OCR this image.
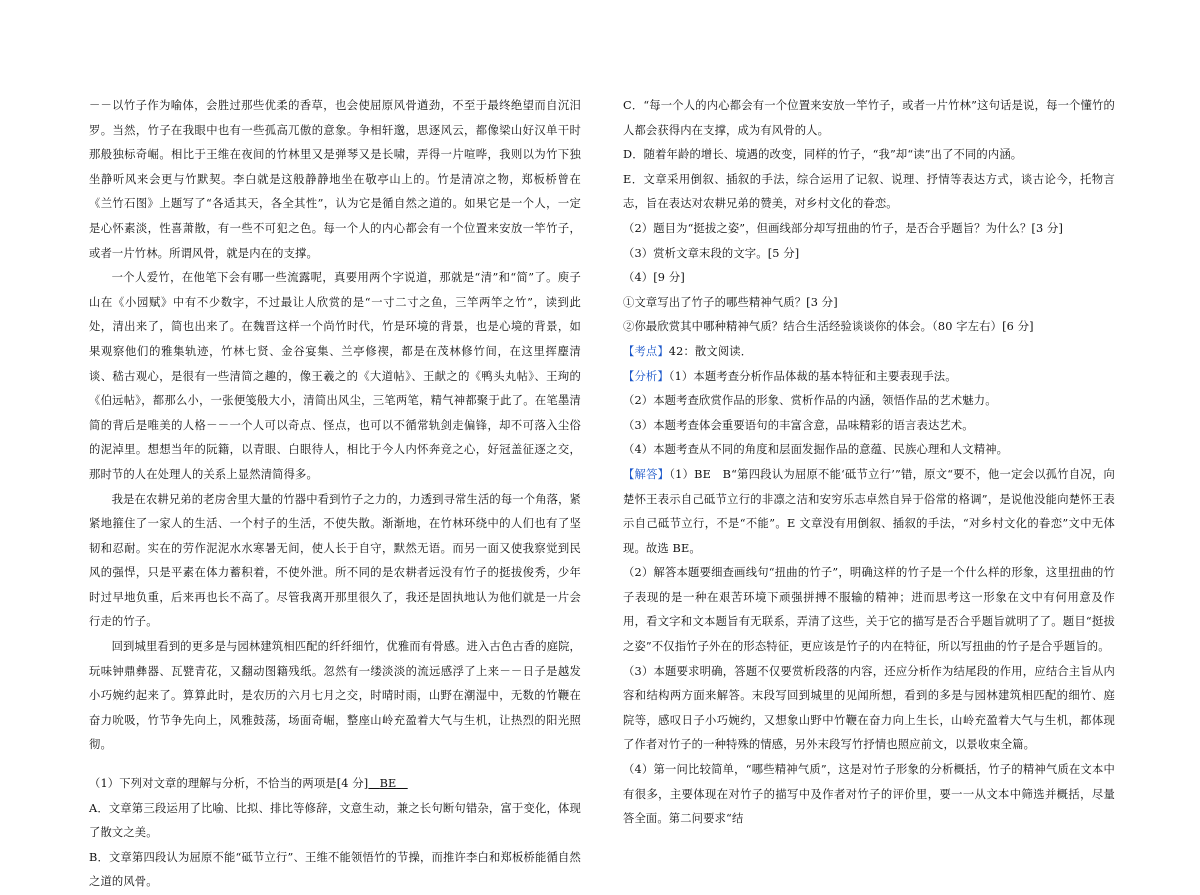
－－以竹子作为喻体，会胜过那些优柔的香草，也会使屈原风骨遒劲，不至于最终绝望而自沉汨罗。当然，竹子在我眼中也有一些孤高兀傲的意象。争相轩邈，思逐风云，都像梁山好汉单干时那般独标奇崛。相比于王维在夜间的竹林里又是弹琴又是长啸，弄得一片喧哗，我则以为竹下独坐静听风来会更与竹默契。李白就是这般静静地坐在敬亭山上的。竹是清凉之物，郑板桥曾在《兰竹石图》上题写了“各适其天，各全其性”，认为它是循自然之道的。如果它是一个人，一定是心怀素淡，性喜萧散，有一些不可犯之色。每一个人的内心都会有一个位置来安放一竿竹子，或者一片竹林。所谓风骨，就是内在的支撑。

一个人爱竹，在他笔下会有哪一些流露呢，真要用两个字说道，那就是“清”和“简”了。庾子山在《小园赋》中有不少数字，不过最让人欣赏的是“一寸二寸之鱼，三竿两竿之竹”，读到此处，清出来了，简也出来了。在魏晋这样一个尚竹时代，竹是环境的背景，也是心境的背景，如果观察他们的雅集轨迹，竹林七贤、金谷宴集、兰亭修禊，都是在茂林修竹间，在这里挥麈清谈、嵇古观心，是很有一些清简之趣的，像王羲之的《大道帖》、王献之的《鸭头丸帖》、王珣的《伯远帖》，都那么小，一张便笺般大小，清简出风尘，三笔两笔，精气神都聚于此了。在笔墨清简的背后是唯美的人格－－一个人可以奇点、怪点，也可以不循常轨剑走偏锋，却不可落入尘俗的泥淖里。想想当年的阮籍，以青眼、白眼待人，相比于今人内怀奔竞之心，好冠盖征逐之交，那时节的人在处理人的关系上显然清简得多。

我是在农耕兄弟的老房舍里大量的竹器中看到竹子之力的，力透到寻常生活的每一个角落，紧紧地箍住了一家人的生活、一个村子的生活，不使失散。渐渐地，在竹林环绕中的人们也有了坚韧和忍耐。实在的劳作泥泥水水寒暑无间，使人长于自守，默然无语。而另一面又使我察觉到民风的强悍，只是平素在体力蓄积着，不使外泄。所不同的是农耕者远没有竹子的挺拔俊秀，少年时过早地负重，后来再也长不高了。尽管我离开那里很久了，我还是固执地认为他们就是一片会行走的竹子。

回到城里看到的更多是与园林建筑相匹配的纤纤细竹，优雅而有骨感。进入古色古香的庭院，玩味钟鼎彝器、瓦甓青花，又翻动图籍残纸。忽然有一缕淡淡的流远感浮了上来－－日子是越发小巧婉约起来了。算算此时，是农历的六月七月之交，时晴时雨，山野在潮湿中，无数的竹鞭在奋力吮吸，竹节争先向上，风雅鼓荡，场面奇崛，整座山岭充盈着大气与生机，让热烈的阳光照彻。

（1）下列对文章的理解与分析，不恰当的两项是[4 分] BE

A．文章第三段运用了比喻、比拟、排比等修辞，文意生动，兼之长句断句错杂，富于变化，体现了散文之美。

B．文章第四段认为屈原不能“砥节立行”、王维不能领悟竹的节操，而推许李白和郑板桥能循自然之道的风骨。

C．“每一个人的内心都会有一个位置来安放一竿竹子，或者一片竹林”这句话是说，每一个懂竹的人都会获得内在支撑，成为有风骨的人。

D．随着年龄的增长、境遇的改变，同样的竹子，“我”却“读”出了不同的内涵。

E．文章采用倒叙、插叙的手法，综合运用了记叙、说理、抒情等表达方式，谈古论今，托物言志，旨在表达对农耕兄弟的赞美，对乡村文化的眷恋。

（2）题目为“挺拔之姿”，但画线部分却写扭曲的竹子，是否合乎题旨？为什么？[3 分]

（3）赏析文章末段的文字。[5 分]

（4）[9 分]

①文章写出了竹子的哪些精神气质？[3 分]

②你最欣赏其中哪种精神气质？结合生活经验谈谈你的体会。（80 字左右）[6 分]

【考点】42：散文阅读．

【分析】（1）本题考查分析作品体裁的基本特征和主要表现手法。

（2）本题考查欣赏作品的形象、赏析作品的内涵，领悟作品的艺术魅力。

（3）本题考查体会重要语句的丰富含意，品味精彩的语言表达艺术。

（4）本题考查从不同的角度和层面发掘作品的意蕴、民族心理和人文精神。

【解答】（1）BE　B“第四段认为屈原不能‘砥节立行’”错，原文“要不，他一定会以孤竹自况，向楚怀王表示自己砥节立行的非凛之洁和安穷乐志卓然自异于俗常的格调”，是说他没能向楚怀王表示自己砥节立行，不是“不能”。E 文章没有用倒叙、插叙的手法，“对乡村文化的眷恋”文中无体现。故选 BE。

（2）解答本题要细查画线句“扭曲的竹子”，明确这样的竹子是一个什么样的形象，这里扭曲的竹子表现的是一种在艰苦环境下顽强拼搏不服输的精神；进而思考这一形象在文中有何用意及作用，看文字和文本题旨有无联系，弄清了这些，关于它的描写是否合乎题旨就明了了。题目“挺拔之姿”不仅指竹子外在的形态特征，更应该是竹子的内在特征，所以写扭曲的竹子是合乎题旨的。

（3）本题要求明确，答题不仅要赏析段落的内容，还应分析作为结尾段的作用，应结合主旨从内容和结构两方面来解答。末段写回到城里的见闻所想，看到的多是与园林建筑相匹配的细竹、庭院等，感叹日子小巧婉约，又想象山野中竹鞭在奋力向上生长，山岭充盈着大气与生机，都体现了作者对竹子的一种特殊的情感，另外末段写竹抒情也照应前文，以景收束全篇。

（4）第一问比较简单，“哪些精神气质”，这是对竹子形象的分析概括，竹子的精神气质在文本中有很多，主要体现在对竹子的描写中及作者对竹子的评价里，要一一从文本中筛选并概括，尽量答全面。第二问要求“结
